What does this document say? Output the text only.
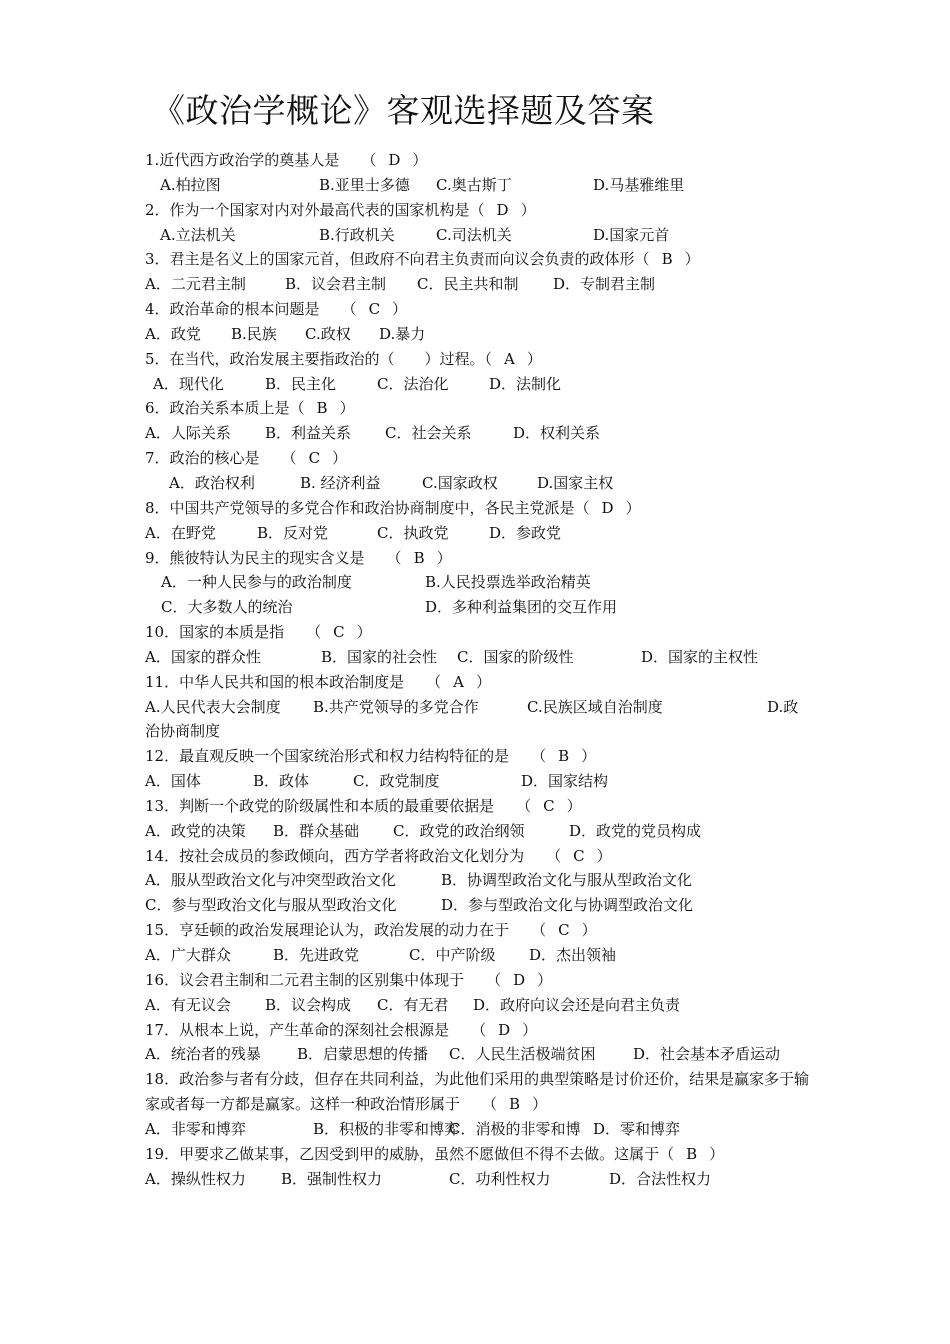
《政治学概论》客观选择题及答案
1.近代西方政治学的奠基人是 （ D ）
A.柏拉图	B.亚里士多德 C.奥古斯丁	D.马基雅维里
2．作为一个国家对内对外最高代表的国家机构是（ D ）
A.立法机关	B.行政机关	C.司法机关	D.国家元首
3．君主是名义上的国家元首，但政府不向君主负责而向议会负责的政体形（ B ）
A．二元君主制	B．议会君主制 C．民主共和制 D．专制君主制
4．政治革命的根本问题是 （ C ）
A．政党 B.民族 C.政权 D.暴力
5．在当代，政治发展主要指政治的（　　）过程。（ A ）
A．现代化	B．民主化	C．法治化	D．法制化
6．政治关系本质上是（ B ）
A．人际关系 B．利益关系 C．社会关系	D．权利关系
7．政治的核心是 （ C ）
A．政治权利	B. 经济利益	C.国家政权	D.国家主权
8．中国共产党领导的多党合作和政治协商制度中，各民主党派是（ D ）
A．在野党	B．反对党	C．执政党	D．参政党
9．熊彼特认为民主的现实含义是 （ B ）
A．一种人民参与的政治制度	B.人民投票选举政治精英
C．大多数人的统治	D．多种利益集团的交互作用
10．国家的本质是指 （ C ）
A．国家的群众性	B．国家的社会性 C．国家的阶级性	D．国家的主权性
11．中华人民共和国的根本政治制度是 （ A ）
A.人民代表大会制度 B.共产党领导的多党合作	C.民族区域自治制度	D.政
治协商制度
12．最直观反映一个国家统治形式和权力结构特征的是 （ B ）
A．国体	B．政体	C．政党制度	D．国家结构
13．判断一个政党的阶级属性和本质的最重要依据是 （ C ）
A．政党的决策 B．群众基础 C．政党的政治纲领	D．政党的党员构成
14．按社会成员的参政倾向，西方学者将政治文化划分为 （ C ）
A．服从型政治文化与冲突型政治文化	B．协调型政治文化与服从型政治文化
C．参与型政治文化与服从型政治文化	D．参与型政治文化与协调型政治文化
15．亨廷顿的政治发展理论认为，政治发展的动力在于 （ C ）
A．广大群众	B．先进政党	C．中产阶级 D．杰出领袖
16．议会君主制和二元君主制的区别集中体现于 （ D ）
A．有无议会 B．议会构成 C．有无君 D．政府向议会还是向君主负责
17．从根本上说，产生革命的深刻社会根源是 （ D ）
A．统治者的残暴 B．启蒙思想的传播 C．人民生活极端贫困	D．社会基本矛盾运动
18．政治参与者有分歧，但存在共同利益，为此他们采用的典型策略是讨价还价，结果是赢家多于输家或者每一方都是赢家。这样一种政治情形属于 （ B ）
A．非零和博弈	B．积极的非零和博弈
C．消极的非零和博 D．零和博弈
19．甲要求乙做某事，乙因受到甲的威胁，虽然不愿做但不得不去做。这属于（ B ）
A．操纵性权力 B．强制性权力	C．功利性权力	D．合法性权力
